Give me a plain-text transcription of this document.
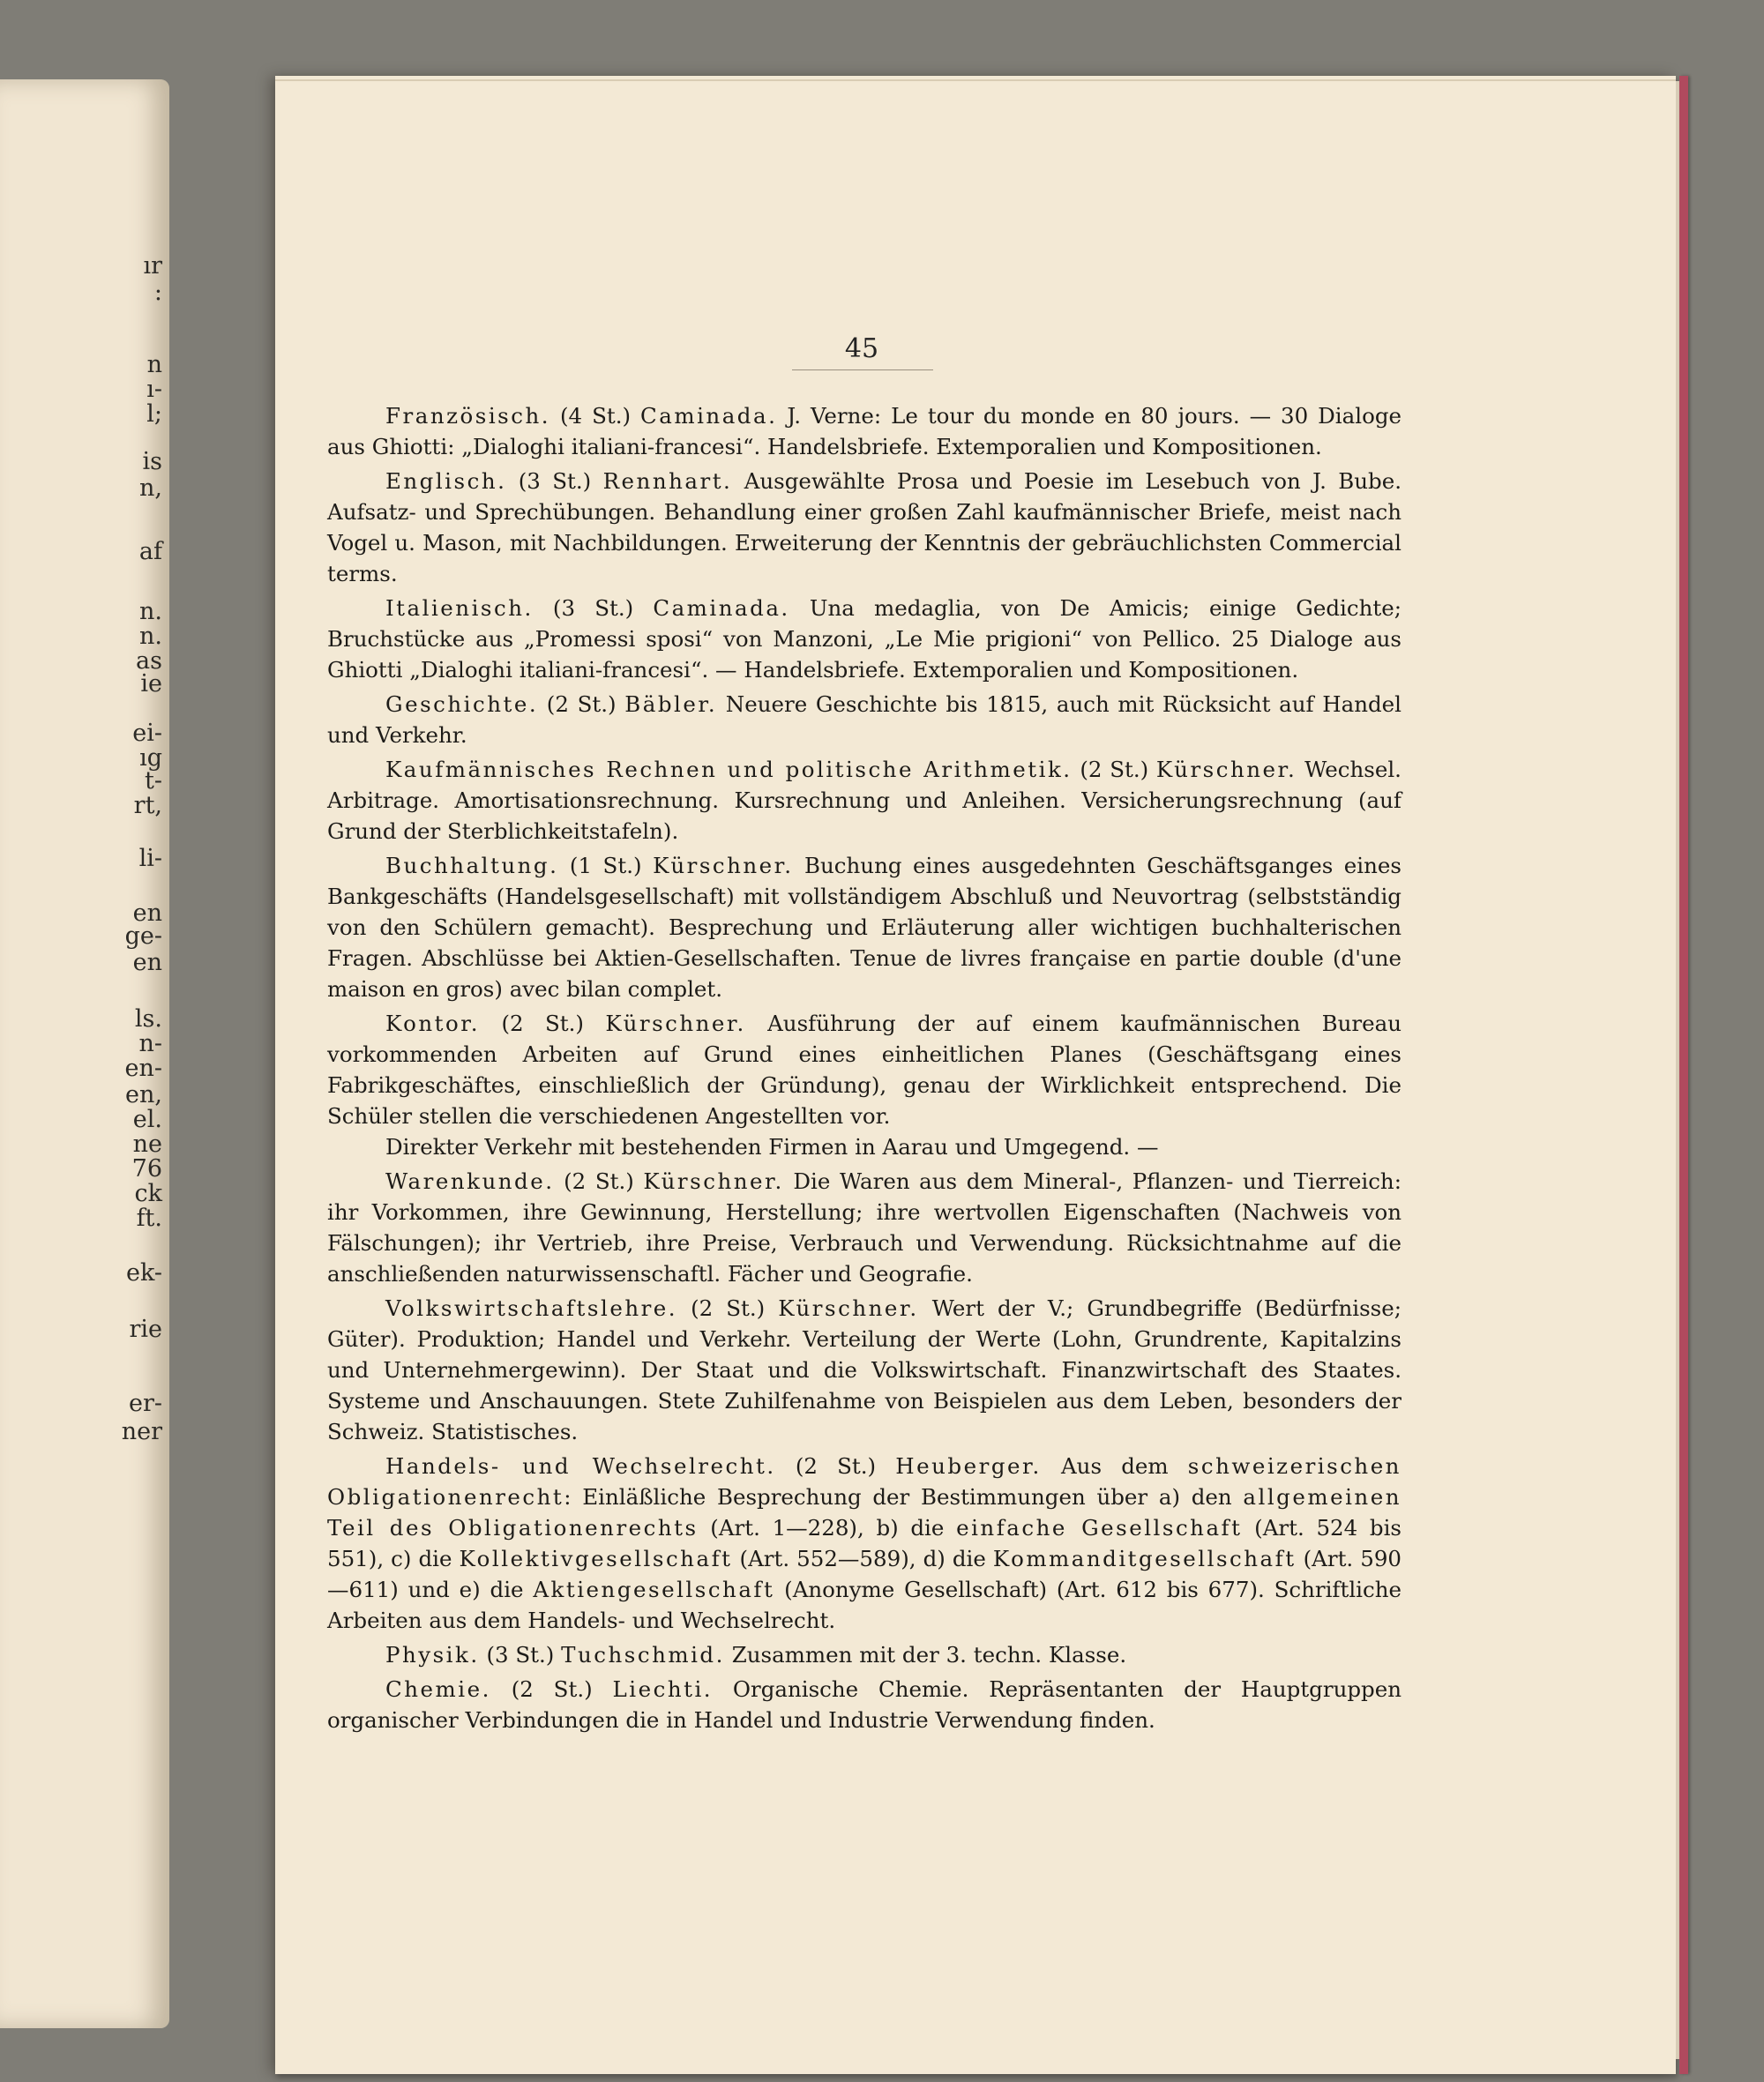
ır
:
n
ı-
l;
is
n,
af
n.
n.
as
ie
ei-
ıg
t-
rt,
li-
en
ge-
en
ls.
n-
en-
en,
el.
ne
76
ck
ft.
ek-
rie
er-
ner
45

Französisch. (4 St.) Caminada. J. Verne: Le tour du monde en 80 jours. — 30 Dialoge aus Ghiotti: „Dialoghi italiani-francesi“. Handelsbriefe. Extemporalien und Kompositionen.

Englisch. (3 St.) Rennhart. Ausgewählte Prosa und Poesie im Lesebuch von J. Bube. Aufsatz- und Sprechübungen. Behandlung einer großen Zahl kaufmännischer Briefe, meist nach Vogel u. Mason, mit Nachbildungen. Erweiterung der Kenntnis der gebräuchlichsten Commercial terms.

Italienisch. (3 St.) Caminada. Una medaglia, von De Amicis; einige Gedichte; Bruchstücke aus „Promessi sposi“ von Manzoni, „Le Mie prigioni“ von Pellico. 25 Dialoge aus Ghiotti „Dialoghi italiani-francesi“. — Handelsbriefe. Extemporalien und Kompositionen.

Geschichte. (2 St.) Bäbler. Neuere Geschichte bis 1815, auch mit Rücksicht auf Handel und Verkehr.

Kaufmännisches Rechnen und politische Arithmetik. (2 St.) Kürschner. Wechsel. Arbitrage. Amortisationsrechnung. Kursrechnung und Anleihen. Versicherungsrechnung (auf Grund der Sterblichkeitstafeln).

Buchhaltung. (1 St.) Kürschner. Buchung eines ausgedehnten Geschäftsganges eines Bankgeschäfts (Handelsgesellschaft) mit vollständigem Abschluß und Neuvortrag (selbstständig von den Schülern gemacht). Besprechung und Erläuterung aller wichtigen buchhalterischen Fragen. Abschlüsse bei Aktien-Gesellschaften. Tenue de livres française en partie double (d'une maison en gros) avec bilan complet.

Kontor. (2 St.) Kürschner. Ausführung der auf einem kaufmännischen Bureau vorkommenden Arbeiten auf Grund eines einheitlichen Planes (Geschäftsgang eines Fabrikgeschäftes, einschließlich der Gründung), genau der Wirklichkeit entsprechend. Die Schüler stellen die verschiedenen Angestellten vor.

Direkter Verkehr mit bestehenden Firmen in Aarau und Umgegend. —

Warenkunde. (2 St.) Kürschner. Die Waren aus dem Mineral-, Pflanzen- und Tierreich: ihr Vorkommen, ihre Gewinnung, Herstellung; ihre wertvollen Eigenschaften (Nachweis von Fälschungen); ihr Vertrieb, ihre Preise, Verbrauch und Verwendung. Rücksichtnahme auf die anschließenden naturwissenschaftl. Fächer und Geografie.

Volkswirtschaftslehre. (2 St.) Kürschner. Wert der V.; Grundbegriffe (Bedürfnisse; Güter). Produktion; Handel und Verkehr. Verteilung der Werte (Lohn, Grundrente, Kapitalzins und Unternehmergewinn). Der Staat und die Volkswirtschaft. Finanzwirtschaft des Staates. Systeme und Anschauungen. Stete Zuhilfenahme von Beispielen aus dem Leben, besonders der Schweiz. Statistisches.

Handels- und Wechselrecht. (2 St.) Heuberger. Aus dem schweizerischen Obligationenrecht: Einläßliche Besprechung der Bestimmungen über a) den allgemeinen Teil des Obligationenrechts (Art. 1—228), b) die einfache Gesellschaft (Art. 524 bis 551), c) die Kollektivgesellschaft (Art. 552—589), d) die Kommanditgesellschaft (Art. 590—611) und e) die Aktiengesellschaft (Anonyme Gesellschaft) (Art. 612 bis 677). Schriftliche Arbeiten aus dem Handels- und Wechselrecht.

Physik. (3 St.) Tuchschmid. Zusammen mit der 3. techn. Klasse.

Chemie. (2 St.) Liechti. Organische Chemie. Repräsentanten der Hauptgruppen organischer Verbindungen die in Handel und Industrie Verwendung finden.
